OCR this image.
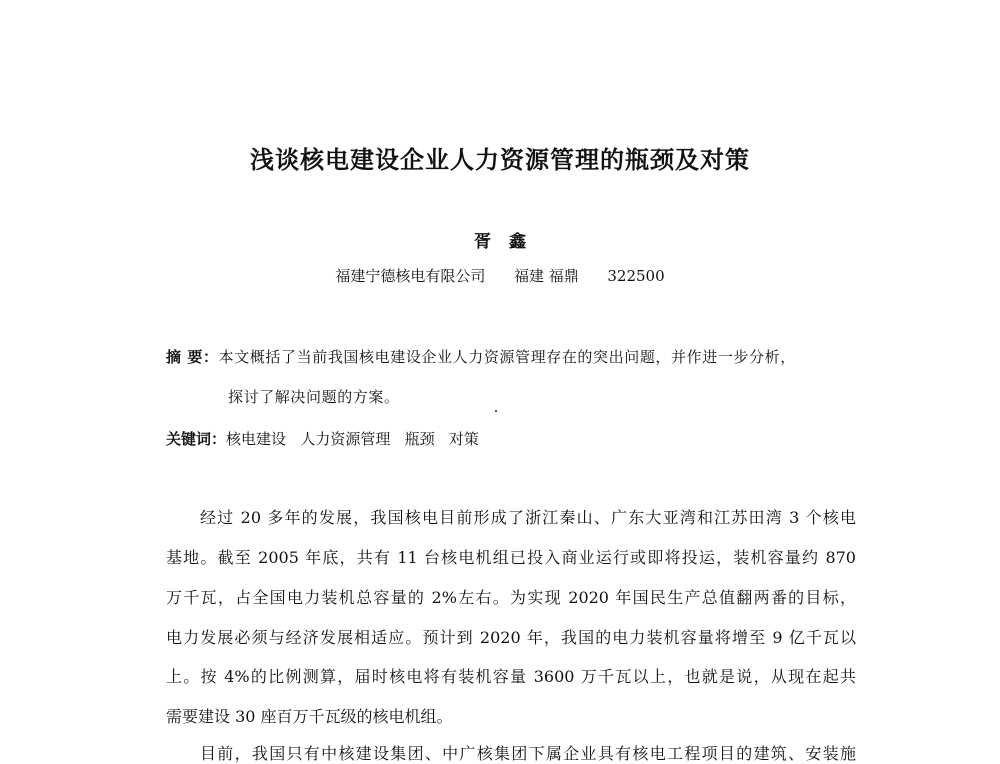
浅谈核电建设企业人力资源管理的瓶颈及对策
胥鑫
福建宁德核电有限公司      福建 福鼎      322500
摘 要：本文概括了当前我国核电建设企业人力资源管理存在的突出问题，并作进一步分析，
探讨了解决问题的方案。
关键词：核电建设   人力资源管理   瓶颈   对策
经过 20 多年的发展，我国核电目前形成了浙江秦山、广东大亚湾和江苏田湾 3 个核电
基地。截至 2005 年底，共有 11 台核电机组已投入商业运行或即将投运，装机容量约 870
万千瓦，占全国电力装机总容量的 2%左右。为实现 2020 年国民生产总值翻两番的目标，
电力发展必须与经济发展相适应。预计到 2020 年，我国的电力装机容量将增至 9 亿千瓦以
上。按 4%的比例测算，届时核电将有装机容量 3600 万千瓦以上，也就是说，从现在起共
需要建设 30 座百万千瓦级的核电机组。
目前，我国只有中核建设集团、中广核集团下属企业具有核电工程项目的建筑、安装施
